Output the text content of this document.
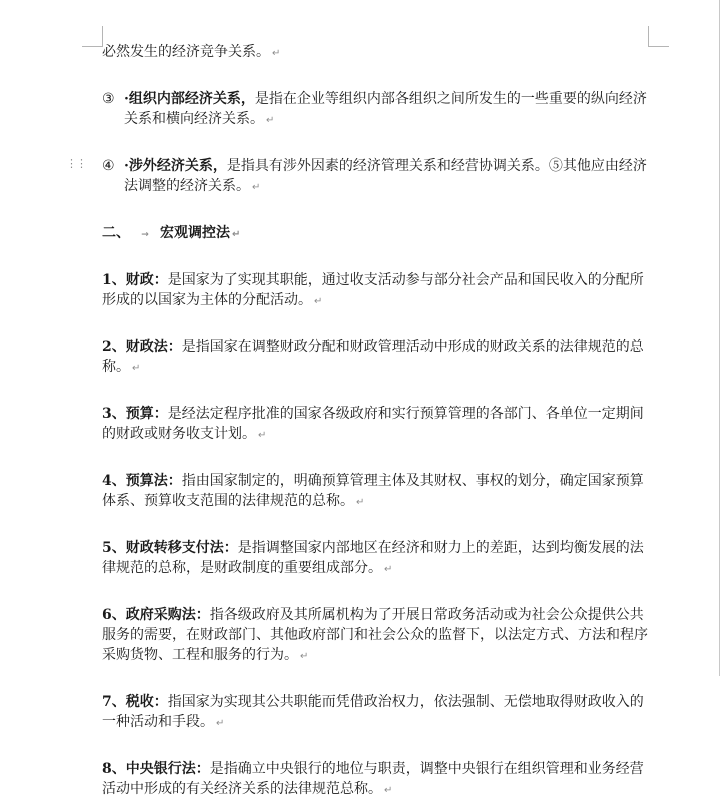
⋮⋮

必然发生的经济竞争关系。 ↵

③ ·组织内部经济关系，是指在企业等组织内部各组织之间所发生的一些重要的纵向经济关系和横向经济关系。 ↵

④ ·涉外经济关系，是指具有涉外因素的经济管理关系和经营协调关系。⑤其他应由经济法调整的经济关系。 ↵

二、 → 宏观调控法 ↵

1、财政：是国家为了实现其职能，通过收支活动参与部分社会产品和国民收入的分配所形成的以国家为主体的分配活动。 ↵

2、财政法：是指国家在调整财政分配和财政管理活动中形成的财政关系的法律规范的总称。 ↵

3、预算：是经法定程序批准的国家各级政府和实行预算管理的各部门、各单位一定期间的财政或财务收支计划。 ↵

4、预算法：指由国家制定的，明确预算管理主体及其财权、事权的划分，确定国家预算体系、预算收支范围的法律规范的总称。 ↵

5、财政转移支付法：是指调整国家内部地区在经济和财力上的差距，达到均衡发展的法律规范的总称，是财政制度的重要组成部分。 ↵

6、政府采购法：指各级政府及其所属机构为了开展日常政务活动或为社会公众提供公共服务的需要，在财政部门、其他政府部门和社会公众的监督下，以法定方式、方法和程序采购货物、工程和服务的行为。 ↵

7、税收：指国家为实现其公共职能而凭借政治权力，依法强制、无偿地取得财政收入的一种活动和手段。 ↵

8、中央银行法：是指确立中央银行的地位与职责，调整中央银行在组织管理和业务经营活动中形成的有关经济关系的法律规范总称。 ↵
